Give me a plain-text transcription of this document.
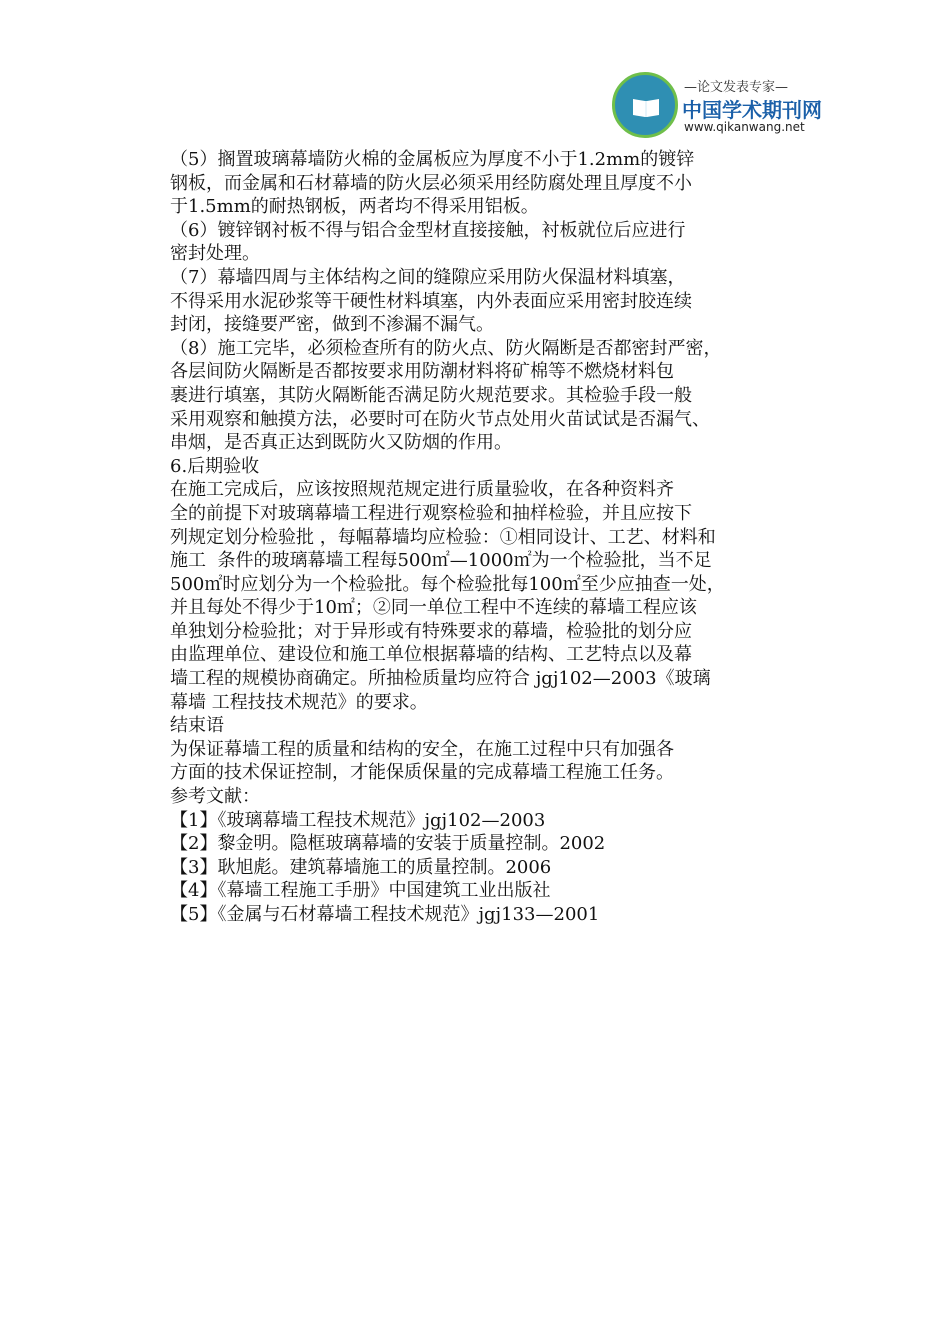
—论文发表专家—
中国学术期刊网
www.qikanwang.net

（5）搁置玻璃幕墙防火棉的金属板应为厚度不小于1.2mm的镀锌

钢板，而金属和石材幕墙的防火层必须采用经防腐处理且厚度不小

于1.5mm的耐热钢板，两者均不得采用铝板。

（6）镀锌钢衬板不得与铝合金型材直接接触，衬板就位后应进行

密封处理。

（7）幕墙四周与主体结构之间的缝隙应采用防火保温材料填塞，

不得采用水泥砂浆等干硬性材料填塞，内外表面应采用密封胶连续

封闭，接缝要严密，做到不渗漏不漏气。

（8）施工完毕，必须检查所有的防火点、防火隔断是否都密封严密，

各层间防火隔断是否都按要求用防潮材料将矿棉等不燃烧材料包

裹进行填塞，其防火隔断能否满足防火规范要求。其检验手段一般

采用观察和触摸方法，必要时可在防火节点处用火苗试试是否漏气、

串烟，是否真正达到既防火又防烟的作用。

6.后期验收

在施工完成后，应该按照规范规定进行质量验收，在各种资料齐

全的前提下对玻璃幕墙工程进行观察检验和抽样检验，并且应按下

列规定划分检验批 ，每幅幕墙均应检验：①相同设计、工艺、材料和

施工  条件的玻璃幕墙工程每500㎡—1000㎡为一个检验批，当不足

500㎡时应划分为一个检验批。每个检验批每100㎡至少应抽查一处，

并且每处不得少于10㎡；②同一单位工程中不连续的幕墙工程应该

单独划分检验批；对于异形或有特殊要求的幕墙，检验批的划分应

由监理单位、建设位和施工单位根据幕墙的结构、工艺特点以及幕

墙工程的规模协商确定。所抽检质量均应符合 jgj102—2003《玻璃

幕墙 工程技技术规范》的要求。

结束语

为保证幕墙工程的质量和结构的安全，在施工过程中只有加强各

方面的技术保证控制，才能保质保量的完成幕墙工程施工任务。

参考文献：

【1】《玻璃幕墙工程技术规范》jgj102—2003

【2】黎金明。隐框玻璃幕墙的安装于质量控制。2002

【3】耿旭彪。建筑幕墙施工的质量控制。2006

【4】《幕墙工程施工手册》中国建筑工业出版社

【5】《金属与石材幕墙工程技术规范》jgj133—2001
